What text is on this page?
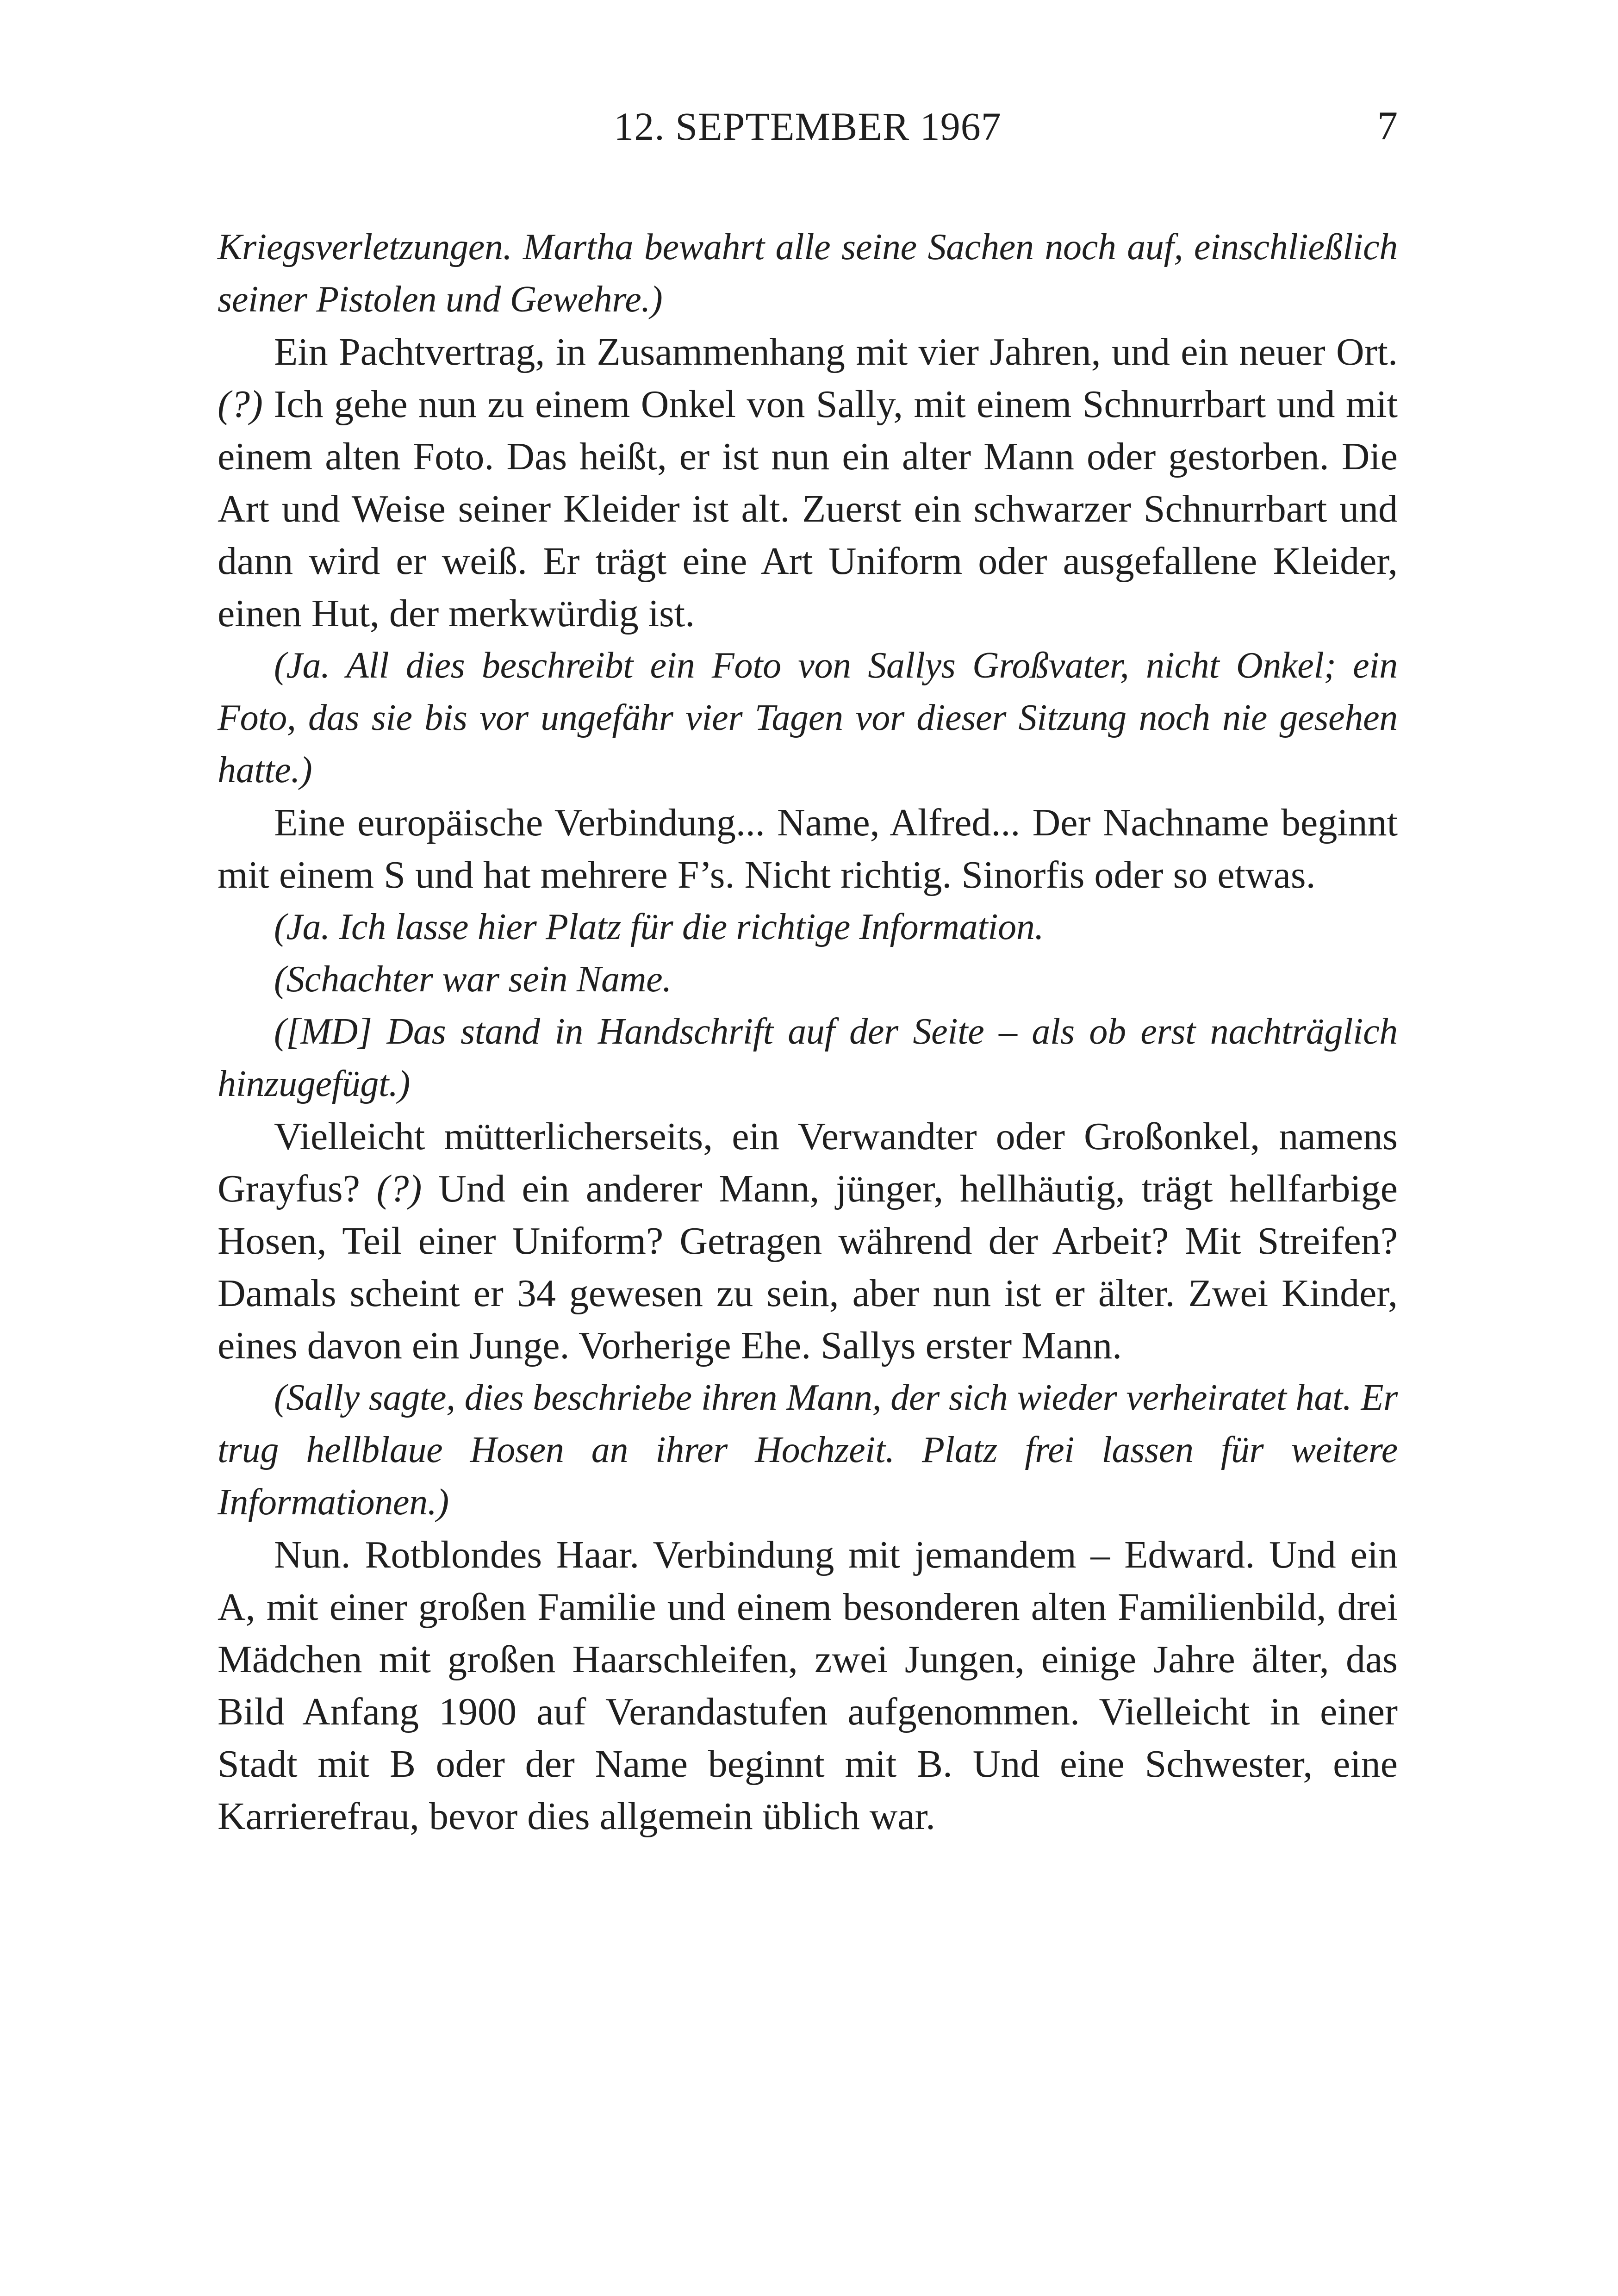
12. SEPTEMBER 1967	7

Kriegsverletzungen. Martha bewahrt alle seine Sachen noch auf, einschließlich seiner Pistolen und Gewehre.)

Ein Pachtvertrag, in Zusammenhang mit vier Jahren, und ein neuer Ort. (?) Ich gehe nun zu einem Onkel von Sally, mit einem Schnurrbart und mit einem alten Foto. Das heißt, er ist nun ein alter Mann oder gestorben. Die Art und Weise seiner Kleider ist alt. Zuerst ein schwarzer Schnurrbart und dann wird er weiß. Er trägt eine Art Uniform oder ausgefallene Kleider, einen Hut, der merkwürdig ist.

(Ja. All dies beschreibt ein Foto von Sallys Großvater, nicht Onkel; ein Foto, das sie bis vor ungefähr vier Tagen vor dieser Sitzung noch nie gesehen hatte.)

Eine europäische Verbindung... Name, Alfred... Der Nachname beginnt mit einem S und hat mehrere F’s. Nicht richtig. Sinorfis oder so etwas.

(Ja. Ich lasse hier Platz für die richtige Information.

(Schachter war sein Name.

([MD] Das stand in Handschrift auf der Seite – als ob erst nachträglich hinzugefügt.)

Vielleicht mütterlicherseits, ein Verwandter oder Großonkel, namens Grayfus? (?) Und ein anderer Mann, jünger, hellhäutig, trägt hellfarbige Hosen, Teil einer Uniform? Getragen während der Arbeit? Mit Streifen? Damals scheint er 34 gewesen zu sein, aber nun ist er älter. Zwei Kinder, eines davon ein Junge. Vorherige Ehe. Sallys erster Mann.

(Sally sagte, dies beschriebe ihren Mann, der sich wieder verheiratet hat. Er trug hellblaue Hosen an ihrer Hochzeit. Platz frei lassen für weitere Informationen.)

Nun. Rotblondes Haar. Verbindung mit jemandem – Edward. Und ein A, mit einer großen Familie und einem besonderen alten Familienbild, drei Mädchen mit großen Haarschleifen, zwei Jungen, einige Jahre älter, das Bild Anfang 1900 auf Verandastufen aufgenommen. Vielleicht in einer Stadt mit B oder der Name beginnt mit B. Und eine Schwester, eine Karrierefrau, bevor dies allgemein üblich war.
